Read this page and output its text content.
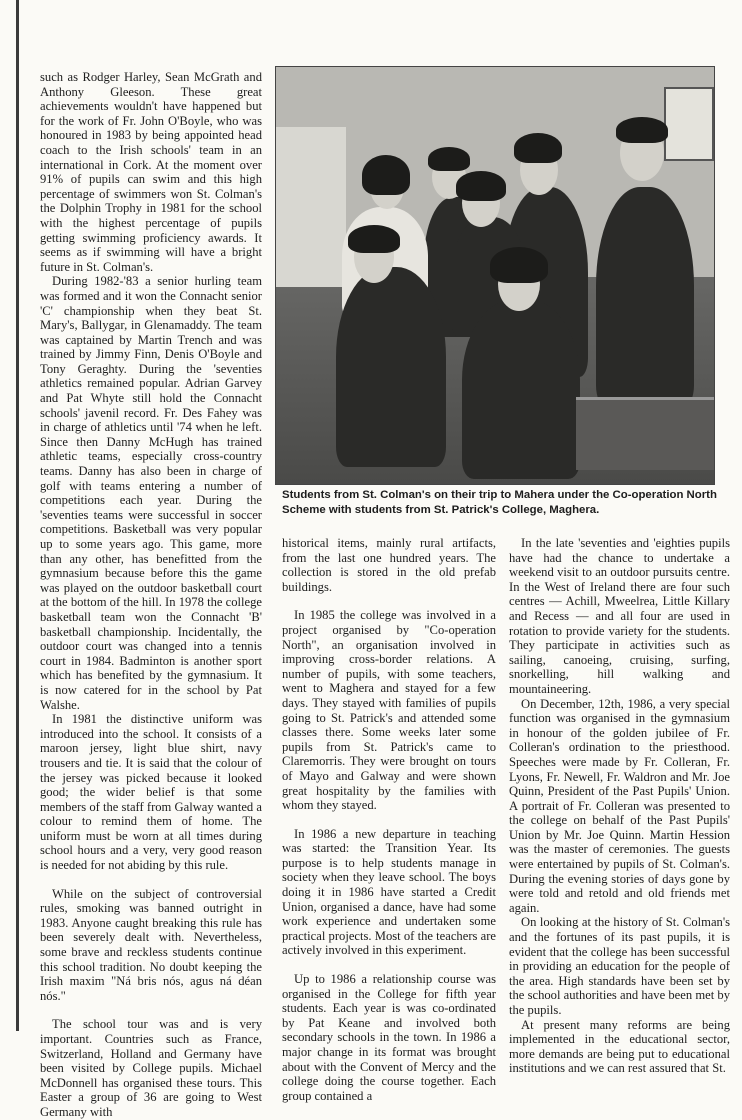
such as Rodger Harley, Sean McGrath and Anthony Gleeson. These great achievements wouldn't have happened but for the work of Fr. John O'Boyle, who was honoured in 1983 by being appointed head coach to the Irish schools' team in an international in Cork. At the moment over 91% of pupils can swim and this high percentage of swimmers won St. Colman's the Dolphin Trophy in 1981 for the school with the highest percentage of pupils getting swimming proficiency awards. It seems as if swimming will have a bright future in St. Colman's.

During 1982-'83 a senior hurling team was formed and it won the Connacht senior 'C' championship when they beat St. Mary's, Ballygar, in Glenamaddy. The team was captained by Martin Trench and was trained by Jimmy Finn, Denis O'Boyle and Tony Geraghty. During the 'seventies athletics remained popular. Adrian Garvey and Pat Whyte still hold the Connacht schools' javenil record. Fr. Des Fahey was in charge of athletics until '74 when he left. Since then Danny McHugh has trained athletic teams, especially cross-country teams. Danny has also been in charge of golf with teams entering a number of competitions each year. During the 'seventies teams were successful in soccer competitions. Basketball was very popular up to some years ago. This game, more than any other, has benefitted from the gymnasium because before this the game was played on the outdoor basketball court at the bottom of the hill. In 1978 the college basketball team won the Connacht 'B' basketball championship. Incidentally, the outdoor court was changed into a tennis court in 1984. Badminton is another sport which has benefited by the gymnasium. It is now catered for in the school by Pat Walshe.

In 1981 the distinctive uniform was introduced into the school. It consists of a maroon jersey, light blue shirt, navy trousers and tie. It is said that the colour of the jersey was picked because it looked good; the wider belief is that some members of the staff from Galway wanted a colour to remind them of home. The uniform must be worn at all times during school hours and a very, very good reason is needed for not abiding by this rule.

While on the subject of controversial rules, smoking was banned outright in 1983. Anyone caught breaking this rule has been severely dealt with. Nevertheless, some brave and reckless students continue this school tradition. No doubt keeping the Irish maxim "Ná bris nós, agus ná déan nós."

The school tour was and is very important. Countries such as France, Switzerland, Holland and Germany have been visited by College pupils. Michael McDonnell has organised these tours. This Easter a group of 36 are going to West Germany with

Students from St. Colman's on their trip to Mahera under the Co-operation North Scheme with students from St. Patrick's College, Maghera.

historical items, mainly rural artifacts, from the last one hundred years. The collection is stored in the old prefab buildings.

In 1985 the college was involved in a project organised by "Co-operation North", an organisation involved in improving cross-border relations. A number of pupils, with some teachers, went to Maghera and stayed for a few days. They stayed with families of pupils going to St. Patrick's and attended some classes there. Some weeks later some pupils from St. Patrick's came to Claremorris. They were brought on tours of Mayo and Galway and were shown great hospitality by the families with whom they stayed.

In 1986 a new departure in teaching was started: the Transition Year. Its purpose is to help students manage in society when they leave school. The boys doing it in 1986 have started a Credit Union, organised a dance, have had some work experience and undertaken some practical projects. Most of the teachers are actively involved in this experiment.

Up to 1986 a relationship course was organised in the College for fifth year students. Each year is was co-ordinated by Pat Keane and involved both secondary schools in the town. In 1986 a major change in its format was brought about with the Convent of Mercy and the college doing the course together. Each group contained a

In the late 'seventies and 'eighties pupils have had the chance to undertake a weekend visit to an outdoor pursuits centre. In the West of Ireland there are four such centres — Achill, Mweelrea, Little Killary and Recess — and all four are used in rotation to provide variety for the students. They participate in activities such as sailing, canoeing, cruising, surfing, snorkelling, hill walking and mountaineering.

On December, 12th, 1986, a very special function was organised in the gymnasium in honour of the golden jubilee of Fr. Colleran's ordination to the priesthood. Speeches were made by Fr. Colleran, Fr. Lyons, Fr. Newell, Fr. Waldron and Mr. Joe Quinn, President of the Past Pupils' Union. A portrait of Fr. Colleran was presented to the college on behalf of the Past Pupils' Union by Mr. Joe Quinn. Martin Hession was the master of ceremonies. The guests were entertained by pupils of St. Colman's. During the evening stories of days gone by were told and retold and old friends met again.

On looking at the history of St. Colman's and the fortunes of its past pupils, it is evident that the college has been successful in providing an education for the people of the area. High standards have been set by the school authorities and have been met by the pupils.

At present many reforms are being implemented in the educational sector, more demands are being put to educational institutions and we can rest assured that St.
